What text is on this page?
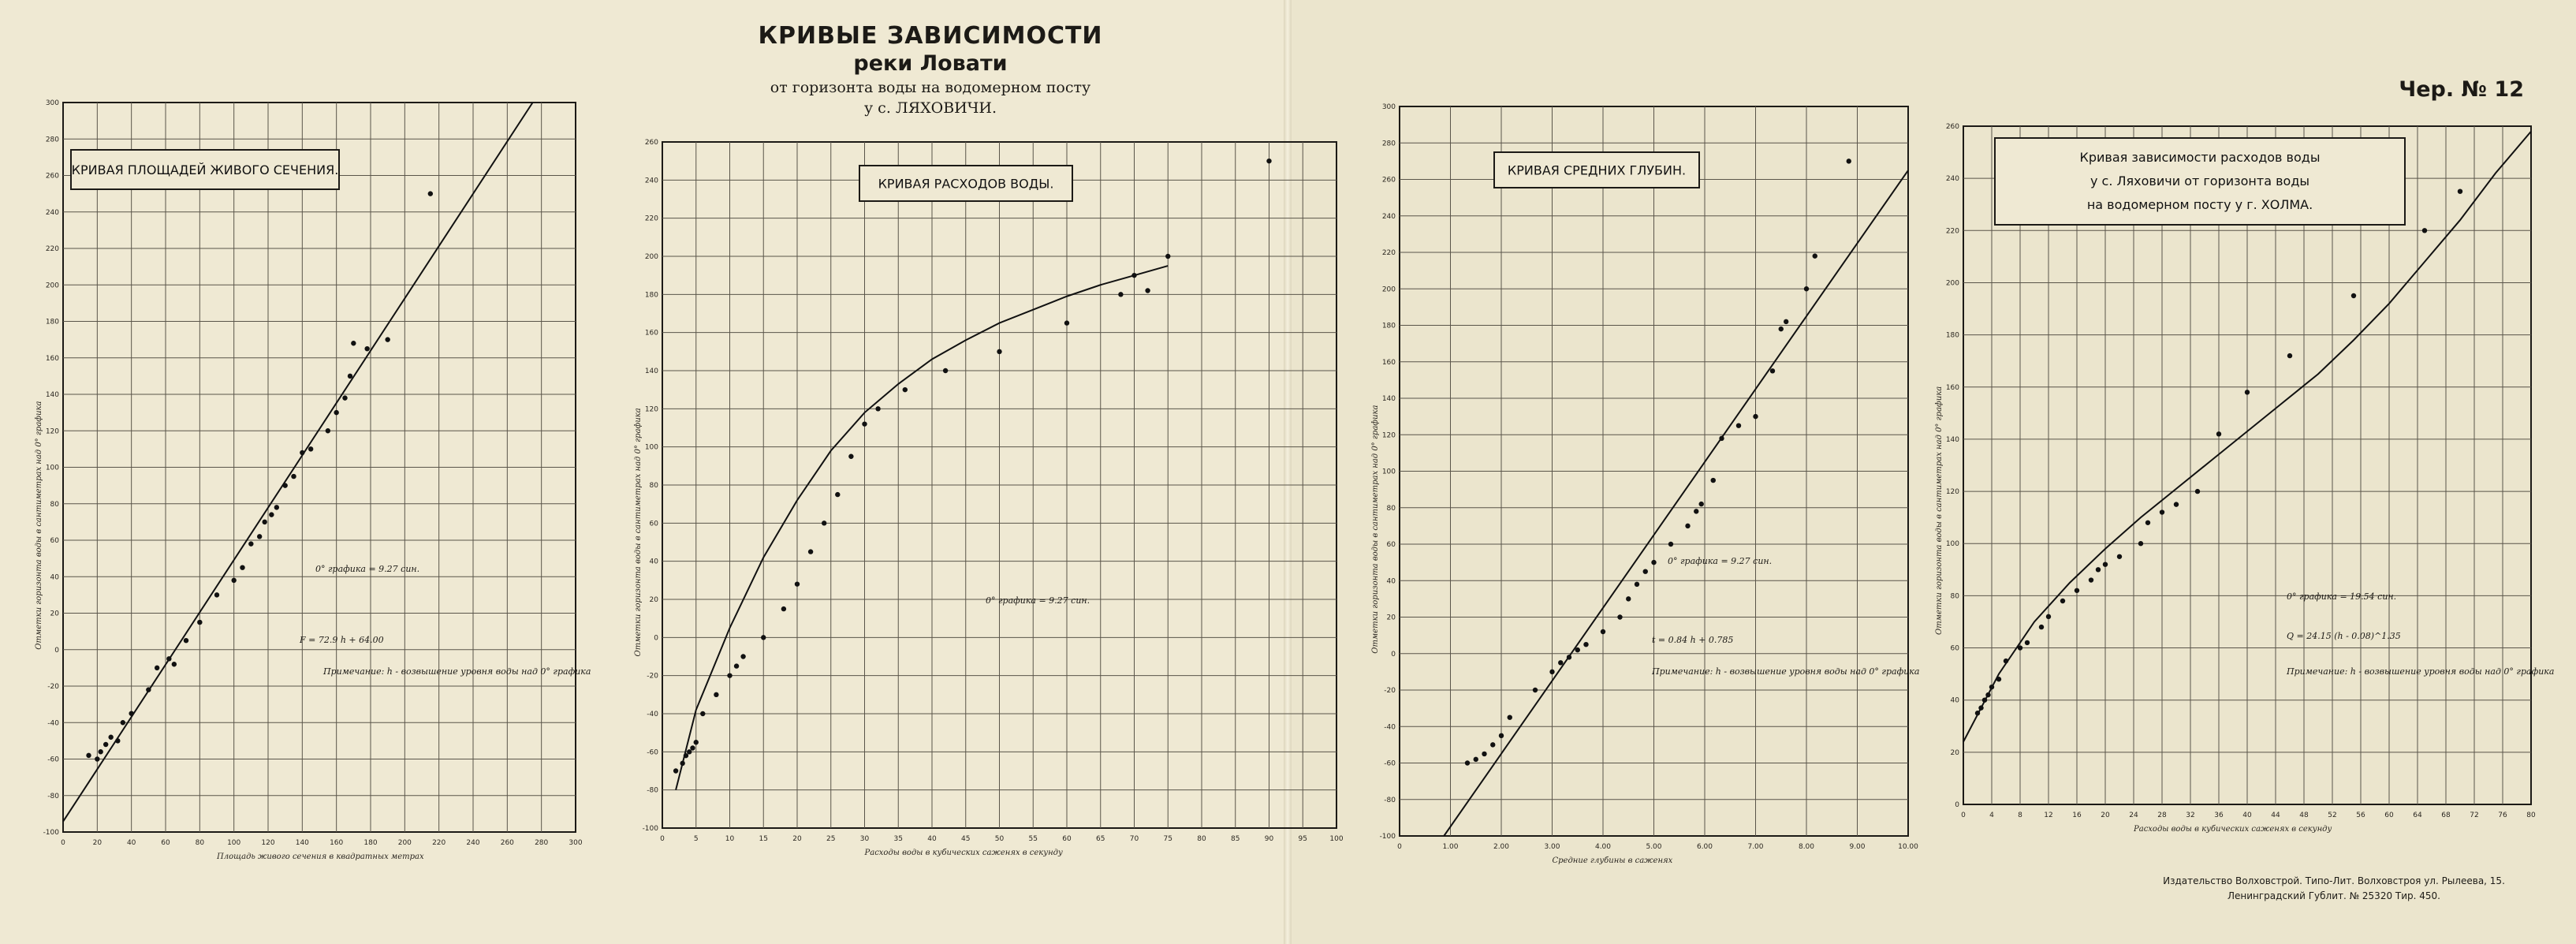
КРИВЫЕ ЗАВИСИМОСТИ
реки Ловати
от горизонта воды на водомерном посту
у с. ЛЯХОВИЧИ.
Чер. № 12
Издательство Волховстрой. Типо-Лит. Волховстроя ул. Рылеева, 15.
Ленинградский Гублит. № 25320 Тир. 450.
0	20	40	60	80	100	120	140	160	180	200	220	240	260	280	300
-100
-80
-60
-40
-20
0
20
40
60
80
100
120
140
160
180
200
220
240
260
280
300
Площадь живого сечения в квадратных метрах
Отметки горизонта воды в сантиметрах над 0° графика
КРИВАЯ ПЛОЩАДЕЙ ЖИВОГО СЕЧЕНИЯ.
0° графика = 9.27 син.
F = 72.9 h + 64.00
Примечание: h - возвышение уровня воды над 0° графика
0	5	10	15	20	25	30	35	40	45	50	55	60	65	70	75	80	85	90	95	100
-100
-80
-60
-40
-20
0
20
40
60
80
100
120
140
160
180
200
220
240
260
Расходы воды в кубических саженях в секунду
Отметки горизонта воды в сантиметрах над 0° графика
КРИВАЯ РАСХОДОВ ВОДЫ.
0° графика = 9.27 син.
0	1.00	2.00	3.00	4.00	5.00	6.00	7.00	8.00	9.00	10.00
-100
-80
-60
-40
-20
0
20
40
60
80
100
120
140
160
180
200
220
240
260
280
300
Средние глубины в саженях
Отметки горизонта воды в сантиметрах над 0° графика
КРИВАЯ СРЕДНИХ ГЛУБИН.
0° графика = 9.27 син.
t = 0.84 h + 0.785
Примечание: h - возвышение уровня воды над 0° графика
0	4	8	12	16	20	24	28	32	36	40	44	48	52	56	60	64	68	72	76	80
0
20
40
60
80
100
120
140
160
180
200
220
240
260
Расходы воды в кубических саженях в секунду
Отметки горизонта воды в сантиметрах над 0° графика
Кривая зависимости расходов воды
у с. Ляховичи от горизонта воды
на водомерном посту у г. ХОЛМА.
0° графика = 19.54 син.
Q = 24.15 (h - 0.08)^1.35
Примечание: h - возвышение уровня воды над 0° графика
